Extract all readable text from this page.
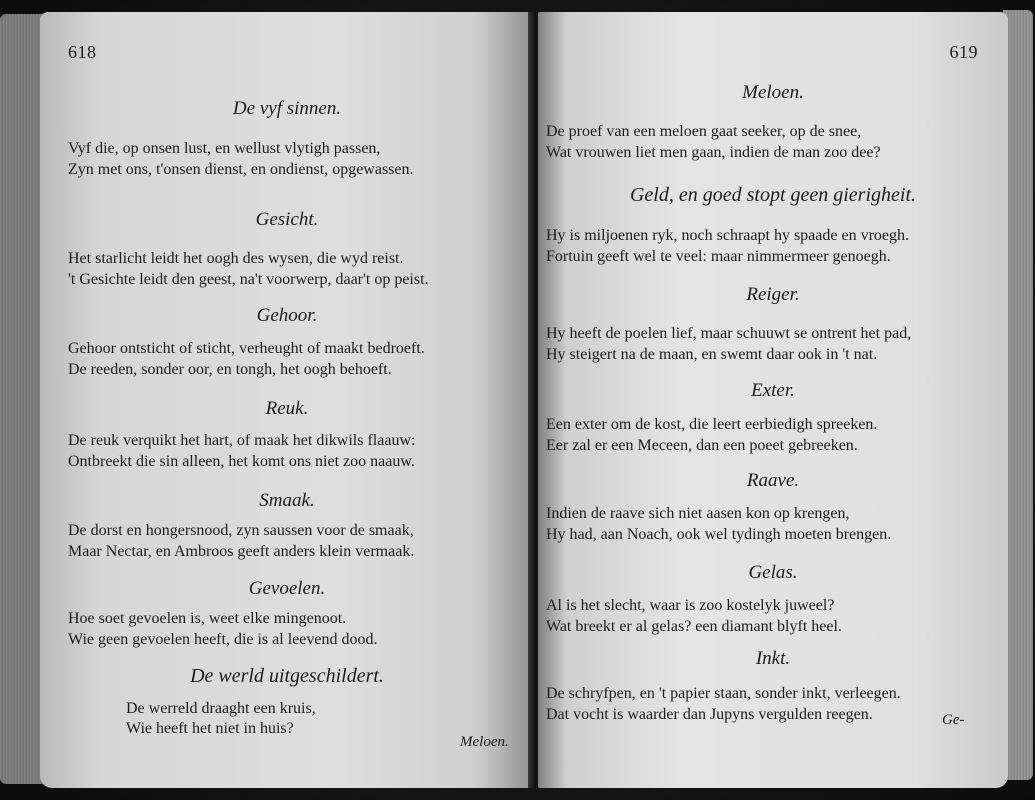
618
De vyf sinnen.
Vyf die, op onsen lust, en wellust vlytigh passen,
Zyn met ons, t'onsen dienst, en ondienst, opgewassen.
Gesicht.
Het starlicht leidt het oogh des wysen, die wyd reist.
't Gesichte leidt den geest, na't voorwerp, daar't op peist.
Gehoor.
Gehoor ontsticht of sticht, verheught of maakt bedroeft.
De reeden, sonder oor, en tongh, het oogh behoeft.
Reuk.
De reuk verquikt het hart, of maak het dikwils flaauw:
Ontbreekt die sin alleen, het komt ons niet zoo naauw.
Smaak.
De dorst en hongersnood, zyn saussen voor de smaak,
Maar Nectar, en Ambroos geeft anders klein vermaak.
Gevoelen.
Hoe soet gevoelen is, weet elke mingenoot.
Wie geen gevoelen heeft, die is al leevend dood.
De werld uitgeschildert.
De werreld draaght een kruis,
Wie heeft het niet in huis?
Meloen.
619
Meloen.
De proef van een meloen gaat seeker, op de snee,
Wat vrouwen liet men gaan, indien de man zoo dee?
Geld, en goed stopt geen gierigheit.
Hy is miljoenen ryk, noch schraapt hy spaade en vroegh.
Fortuin geeft wel te veel: maar nimmermeer genoegh.
Reiger.
Hy heeft de poelen lief, maar schuuwt se ontrent het pad,
Hy steigert na de maan, en swemt daar ook in 't nat.
Exter.
Een exter om de kost, die leert eerbiedigh spreeken.
Eer zal er een Meceen, dan een poeet gebreeken.
Raave.
Indien de raave sich niet aasen kon op krengen,
Hy had, aan Noach, ook wel tydingh moeten brengen.
Gelas.
Al is het slecht, waar is zoo kostelyk juweel?
Wat breekt er al gelas? een diamant blyft heel.
Inkt.
De schryfpen, en 't papier staan, sonder inkt, verleegen.
Dat vocht is waarder dan Jupyns vergulden reegen.	Ge-
